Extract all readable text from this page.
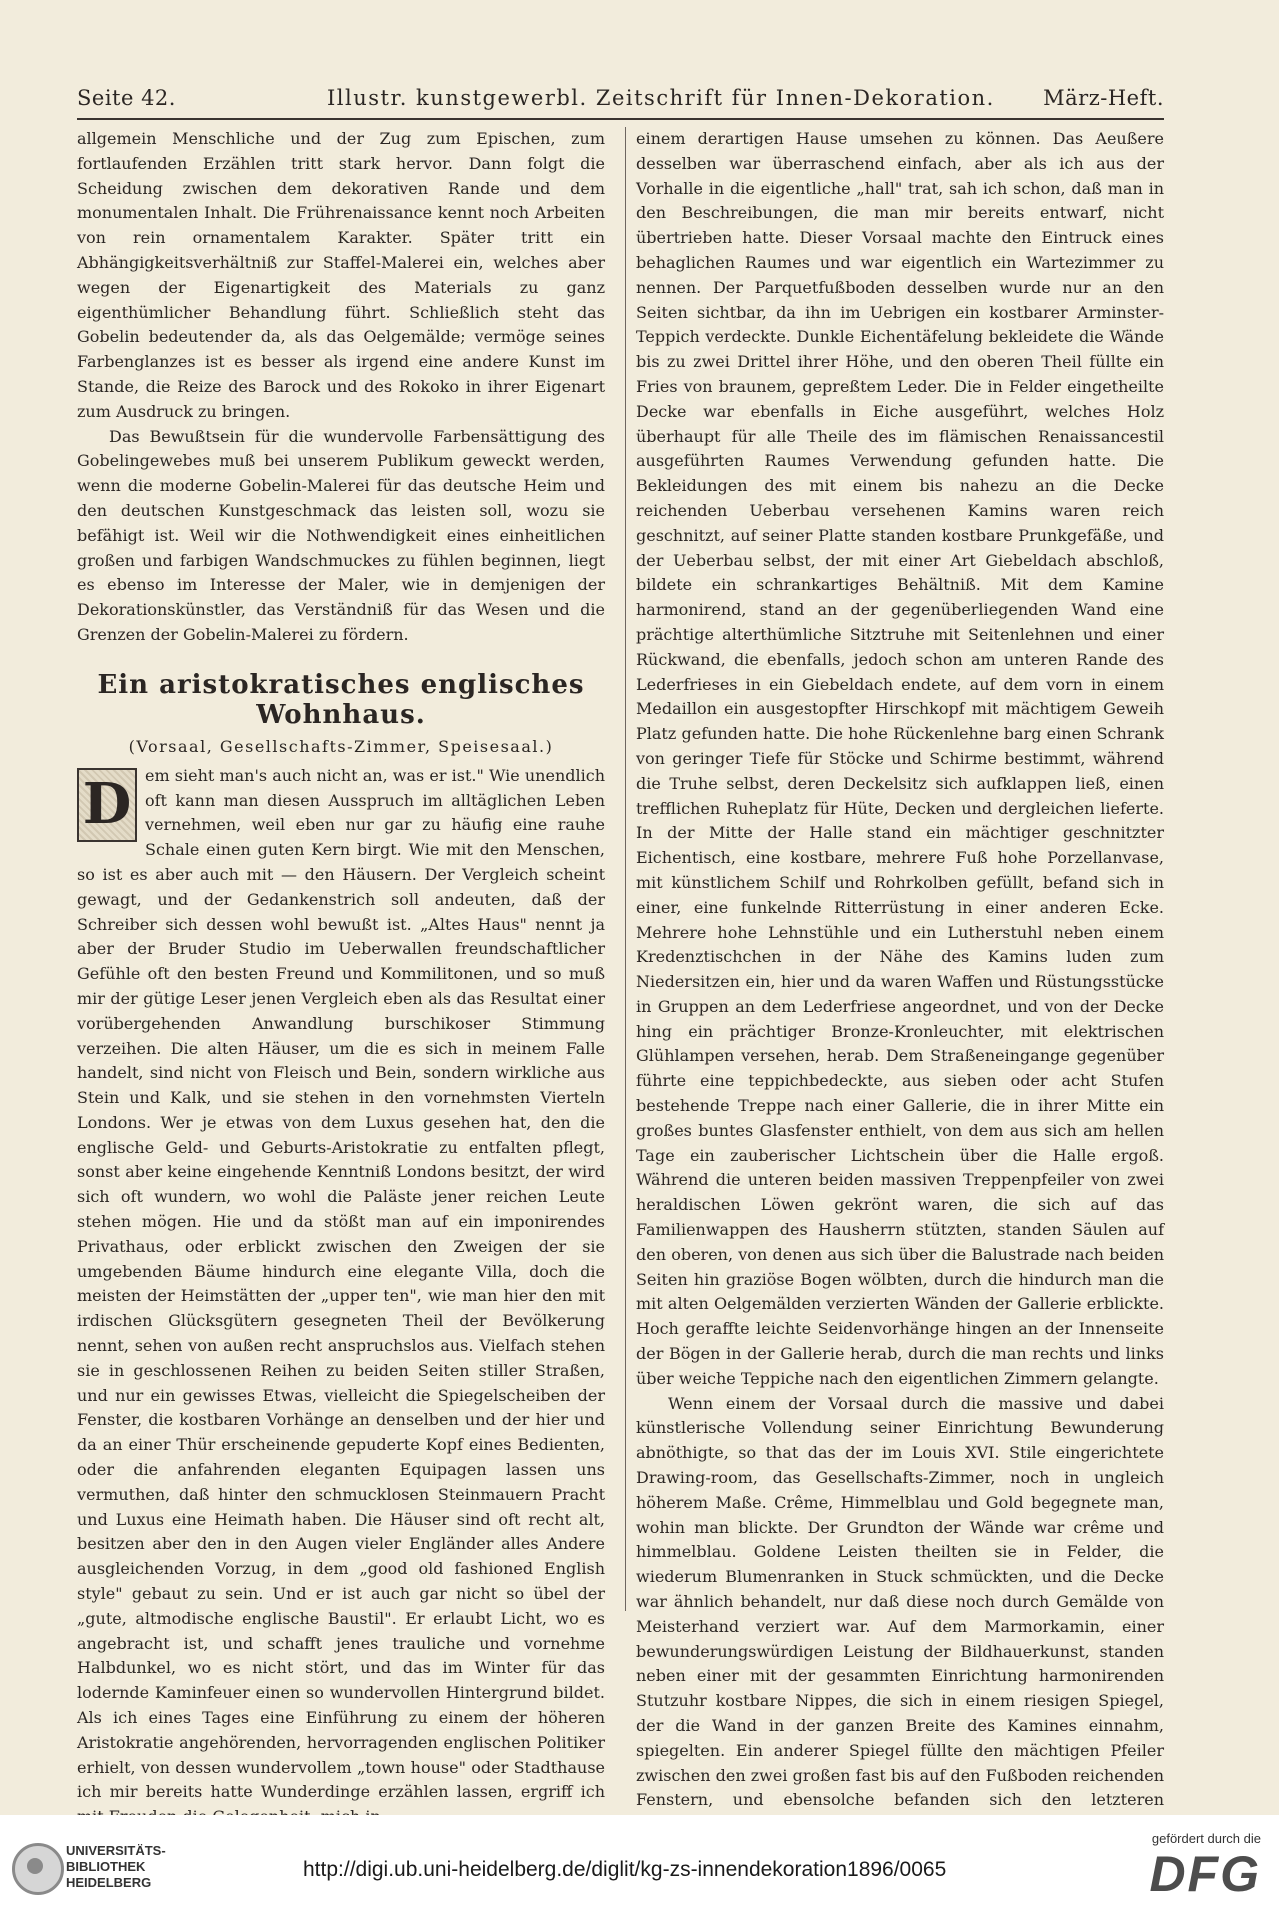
Seite 42.	Illustr. kunstgewerbl. Zeitschrift für Innen-Dekoration. März-Heft.

allgemein Menschliche und der Zug zum Epischen, zum fortlaufenden Erzählen tritt stark hervor. Dann folgt die Scheidung zwischen dem dekorativen Rande und dem monumentalen Inhalt. Die Frührenaissance kennt noch Arbeiten von rein ornamentalem Karakter. Später tritt ein Abhängigkeitsverhältniß zur Staffel-Malerei ein, welches aber wegen der Eigenartigkeit des Materials zu ganz eigenthümlicher Behandlung führt. Schließlich steht das Gobelin bedeutender da, als das Oelgemälde; vermöge seines Farbenglanzes ist es besser als irgend eine andere Kunst im Stande, die Reize des Barock und des Rokoko in ihrer Eigenart zum Ausdruck zu bringen.

Das Bewußtsein für die wundervolle Farbensättigung des Gobelingewebes muß bei unserem Publikum geweckt werden, wenn die moderne Gobelin-Malerei für das deutsche Heim und den deutschen Kunstgeschmack das leisten soll, wozu sie befähigt ist. Weil wir die Nothwendigkeit eines einheitlichen großen und farbigen Wandschmuckes zu fühlen beginnen, liegt es ebenso im Interesse der Maler, wie in demjenigen der Dekorationskünstler, das Verständniß für das Wesen und die Grenzen der Gobelin-Malerei zu fördern.

Ein aristokratisches englisches Wohnhaus.
(Vorsaal, Gesellschafts-Zimmer, Speisesaal.)
D em sieht man's auch nicht an, was er ist." Wie unendlich oft kann man diesen Ausspruch im alltäglichen Leben vernehmen, weil eben nur gar zu häufig eine rauhe Schale einen guten Kern birgt. Wie mit den Menschen, so ist es aber auch mit — den Häusern. Der Vergleich scheint gewagt, und der Gedankenstrich soll andeuten, daß der Schreiber sich dessen wohl bewußt ist. „Altes Haus" nennt ja aber der Bruder Studio im Ueberwallen freundschaftlicher Gefühle oft den besten Freund und Kommilitonen, und so muß mir der gütige Leser jenen Vergleich eben als das Resultat einer vorübergehenden Anwandlung burschikoser Stimmung verzeihen. Die alten Häuser, um die es sich in meinem Falle handelt, sind nicht von Fleisch und Bein, sondern wirkliche aus Stein und Kalk, und sie stehen in den vornehmsten Vierteln Londons. Wer je etwas von dem Luxus gesehen hat, den die englische Geld- und Geburts-Aristokratie zu entfalten pflegt, sonst aber keine eingehende Kenntniß Londons besitzt, der wird sich oft wundern, wo wohl die Paläste jener reichen Leute stehen mögen. Hie und da stößt man auf ein imponirendes Privathaus, oder erblickt zwischen den Zweigen der sie umgebenden Bäume hindurch eine elegante Villa, doch die meisten der Heimstätten der „upper ten", wie man hier den mit irdischen Glücksgütern gesegneten Theil der Bevölkerung nennt, sehen von außen recht anspruchslos aus. Vielfach stehen sie in geschlossenen Reihen zu beiden Seiten stiller Straßen, und nur ein gewisses Etwas, vielleicht die Spiegelscheiben der Fenster, die kostbaren Vorhänge an denselben und der hier und da an einer Thür erscheinende gepuderte Kopf eines Bedienten, oder die anfahrenden eleganten Equipagen lassen uns vermuthen, daß hinter den schmucklosen Steinmauern Pracht und Luxus eine Heimath haben. Die Häuser sind oft recht alt, besitzen aber den in den Augen vieler Engländer alles Andere ausgleichenden Vorzug, in dem „good old fashioned English style" gebaut zu sein. Und er ist auch gar nicht so übel der „gute, altmodische englische Baustil". Er erlaubt Licht, wo es angebracht ist, und schafft jenes trauliche und vornehme Halbdunkel, wo es nicht stört, und das im Winter für das lodernde Kaminfeuer einen so wundervollen Hintergrund bildet. Als ich eines Tages eine Einführung zu einem der höheren Aristokratie angehörenden, hervorragenden englischen Politiker erhielt, von dessen wundervollem „town house" oder Stadthause ich mir bereits hatte Wunderdinge erzählen lassen, ergriff ich

einem derartigen Hause umsehen zu können. Das Aeußere desselben war überraschend einfach, aber als ich aus der Vorhalle in die eigentliche „hall" trat, sah ich schon, daß man in den Beschreibungen, die man mir bereits entwarf, nicht übertrieben hatte. Dieser Vorsaal machte den Eintruck eines behaglichen Raumes und war eigentlich ein Wartezimmer zu nennen. Der Parquetfußboden desselben wurde nur an den Seiten sichtbar, da ihn im Uebrigen ein kostbarer Arminster-Teppich verdeckte. Dunkle Eichentäfelung bekleidete die Wände bis zu zwei Drittel ihrer Höhe, und den oberen Theil füllte ein Fries von braunem, gepreßtem Leder. Die in Felder eingetheilte Decke war ebenfalls in Eiche ausgeführt, welches Holz überhaupt für alle Theile des im flämischen Renaissancestil ausgeführten Raumes Verwendung gefunden hatte. Die Bekleidungen des mit einem bis nahezu an die Decke reichenden Ueberbau versehenen Kamins waren reich geschnitzt, auf seiner Platte standen kostbare Prunkgefäße, und der Ueberbau selbst, der mit einer Art Giebeldach abschloß, bildete ein schrankartiges Behältniß. Mit dem Kamine harmonirend, stand an der gegenüberliegenden Wand eine prächtige alterthümliche Sitztruhe mit Seitenlehnen und einer Rückwand, die ebenfalls, jedoch schon am unteren Rande des Lederfrieses in ein Giebeldach endete, auf dem vorn in einem Medaillon ein ausgestopfter Hirschkopf mit mächtigem Geweih Platz gefunden hatte. Die hohe Rückenlehne barg einen Schrank von geringer Tiefe für Stöcke und Schirme bestimmt, während die Truhe selbst, deren Deckelsitz sich aufklappen ließ, einen trefflichen Ruheplatz für Hüte, Decken und dergleichen lieferte. In der Mitte der Halle stand ein mächtiger geschnitzter Eichentisch, eine kostbare, mehrere Fuß hohe Porzellanvase, mit künstlichem Schilf und Rohrkolben gefüllt, befand sich in einer, eine funkelnde Ritterrüstung in einer anderen Ecke. Mehrere hohe Lehnstühle und ein Lutherstuhl neben einem Kredenztischchen in der Nähe des Kamins luden zum Niedersitzen ein, hier und da waren Waffen und Rüstungsstücke in Gruppen an dem Lederfriese angeordnet, und von der Decke hing ein prächtiger Bronze-Kronleuchter, mit elektrischen Glühlampen versehen, herab. Dem Straßeneingange gegenüber führte eine teppichbedeckte, aus sieben oder acht Stufen bestehende Treppe nach einer Gallerie, die in ihrer Mitte ein großes buntes Glasfenster enthielt, von dem aus sich am hellen Tage ein zauberischer Lichtschein über die Halle ergoß. Während die unteren beiden massiven Treppenpfeiler von zwei heraldischen Löwen gekrönt waren, die sich auf das Familienwappen des Hausherrn stützten, standen Säulen auf den oberen, von denen aus sich über die Balustrade nach beiden Seiten hin graziöse Bogen wölbten, durch die hindurch man die mit alten Oelgemälden verzierten Wänden der Gallerie erblickte. Hoch geraffte leichte Seidenvorhänge hingen an der Innenseite der Bögen in der Gallerie herab, durch die man rechts und links über weiche Teppiche nach den eigentlichen Zimmern gelangte.

Wenn einem der Vorsaal durch die massive und dabei künstlerische Vollendung seiner Einrichtung Bewunderung abnöthigte, so that das der im Louis XVI. Stile eingerichtete Drawing-room, das Gesellschafts-Zimmer, noch in ungleich höherem Maße. Crême, Himmelblau und Gold begegnete man, wohin man blickte. Der Grundton der Wände war crême und himmelblau. Goldene Leisten theilten sie in Felder, die wiederum Blumenranken in Stuck schmückten, und die Decke war ähnlich behandelt, nur daß diese noch durch Gemälde von Meisterhand verziert war. Auf dem Marmorkamin, einer bewunderungswürdigen Leistung der Bildhauerkunst, standen neben einer mit der gesammten Einrichtung harmonirenden Stutzuhr kostbare Nippes, die sich in einem riesigen Spiegel, der die Wand in der ganzen Breite des Kamines einnahm, spiegelten. Ein anderer Spiegel füllte den mächtigen Pfeiler zwischen den zwei großen fast bis auf den Fußboden reichenden Fenstern, und ebensolche befanden sich den letzteren

UNIVERSITÄTS-
BIBLIOTHEK
HEIDELBERG
http://digi.ub.uni-heidelberg.de/diglit/kg-zs-innendekoration1896/0065
gefördert durch die
DFG
